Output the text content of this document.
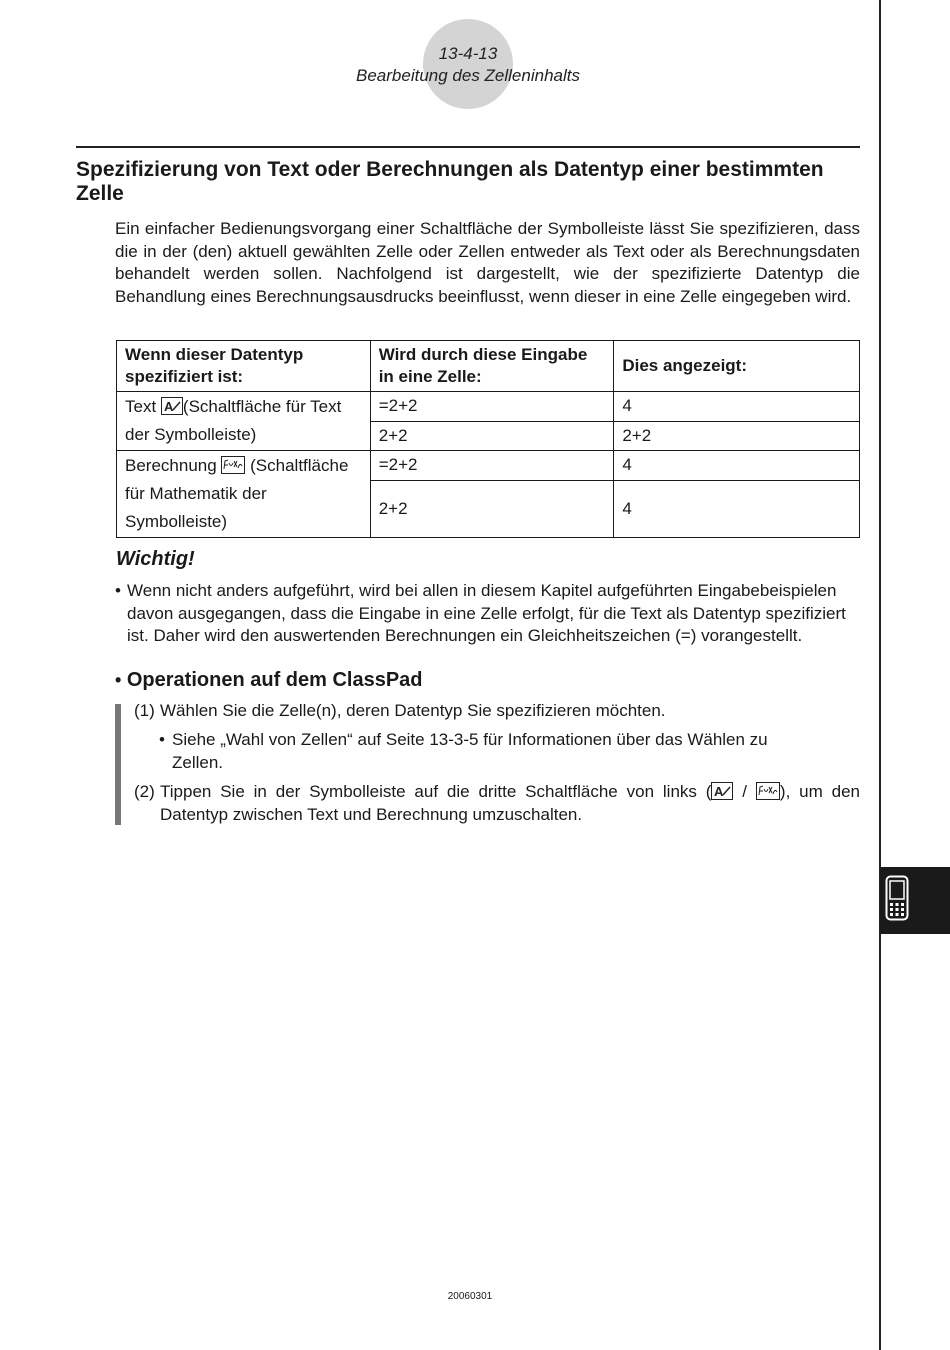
13-4-13
Bearbeitung des Zelleninhalts
Spezifizierung von Text oder Berechnungen als Datentyp einer bestimmten Zelle

Ein einfacher Bedienungsvorgang einer Schaltfläche der Symbolleiste lässt Sie spezifizieren, dass die in der (den) aktuell gewählten Zelle oder Zellen entweder als Text oder als Berechnungsdaten behandelt werden sollen. Nachfolgend ist dargestellt, wie der spezifizierte Datentyp die Behandlung eines Berechnungsausdrucks beeinflusst, wenn dieser in eine Zelle eingegeben wird.

Wenn dieser Datentyp spezifiziert ist:	Wird durch diese Eingabe in eine Zelle:	Dies angezeigt:
Text A (Schaltfläche für Text der Symbolleiste)	=2+2	4
	2+2	2+2
Berechnung  (Schaltfläche für Mathematik der Symbolleiste)	=2+2	4
	2+2	4
Wichtig!
• Wenn nicht anders aufgeführt, wird bei allen in diesem Kapitel aufgeführten Eingabebeispielen davon ausgegangen, dass die Eingabe in eine Zelle erfolgt, für die Text als Datentyp spezifiziert ist. Daher wird den auswertenden Berechnungen ein Gleichheitszeichen (=) vorangestellt.
• Operationen auf dem ClassPad
(1) Wählen Sie die Zelle(n), deren Datentyp Sie spezifizieren möchten.
• Siehe „Wahl von Zellen“ auf Seite 13-3-5 für Informationen über das Wählen zu Zellen.
(2) Tippen Sie in der Symbolleiste auf die dritte Schaltfläche von links ( A / ), um den Datentyp zwischen Text und Berechnung umzuschalten.
20060301
